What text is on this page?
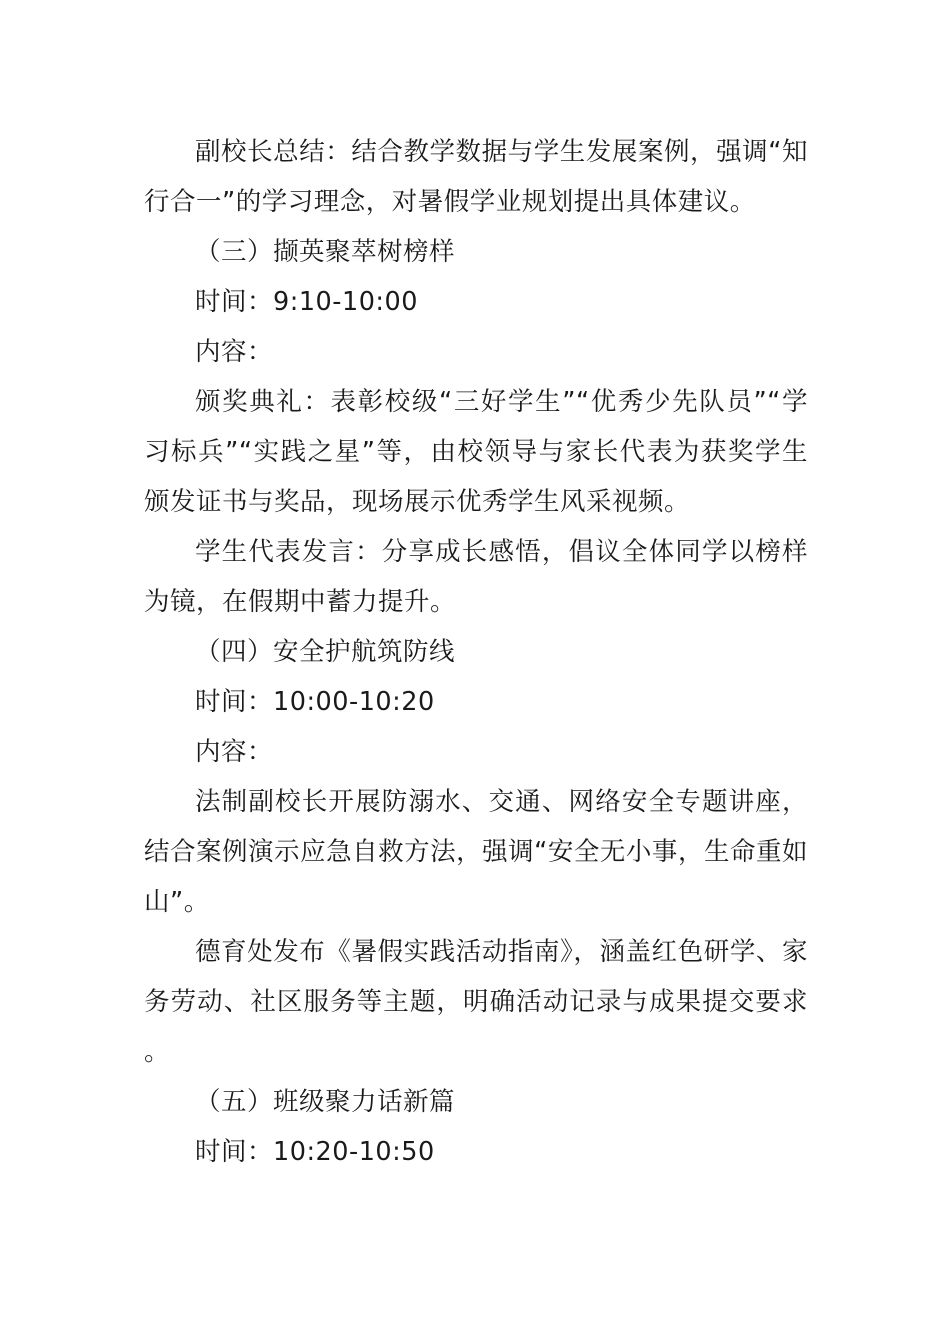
副校长总结：结合教学数据与学生发展案例，强调“知行合一”的学习理念，对暑假学业规划提出具体建议。

（三）撷英聚萃树榜样

时间：9:10-10:00

内容：

颁奖典礼：表彰校级“三好学生”“优秀少先队员”“学习标兵”“实践之星”等，由校领导与家长代表为获奖学生颁发证书与奖品，现场展示优秀学生风采视频。

学生代表发言：分享成长感悟，倡议全体同学以榜样为镜，在假期中蓄力提升。

（四）安全护航筑防线

时间：10:00-10:20

内容：

法制副校长开展防溺水、交通、网络安全专题讲座，结合案例演示应急自救方法，强调“安全无小事，生命重如山”。

德育处发布《暑假实践活动指南》，涵盖红色研学、家务劳动、社区服务等主题，明确活动记录与成果提交要求。

（五）班级聚力话新篇

时间：10:20-10:50
